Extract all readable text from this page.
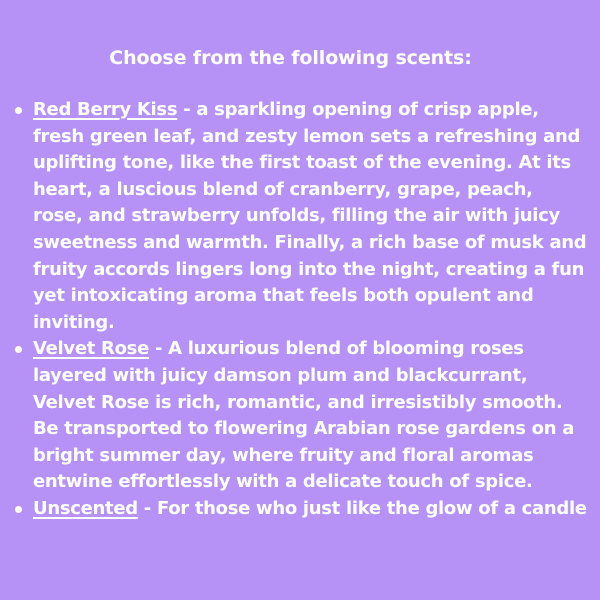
Choose from the following scents:
Red Berry Kiss - a sparkling opening of crisp apple, fresh green leaf, and zesty lemon sets a refreshing and uplifting tone, like the first toast of the evening. At its heart, a luscious blend of cranberry, grape, peach, rose, and strawberry unfolds, filling the air with juicy sweetness and warmth. Finally, a rich base of musk and fruity accords lingers long into the night, creating a fun yet intoxicating aroma that feels both opulent and inviting.
Velvet Rose - A luxurious blend of blooming roses layered with juicy damson plum and blackcurrant, Velvet Rose is rich, romantic, and irresistibly smooth. Be transported to flowering Arabian rose gardens on a bright summer day, where fruity and floral aromas entwine effortlessly with a delicate touch of spice.
Unscented - For those who just like the glow of a candle
